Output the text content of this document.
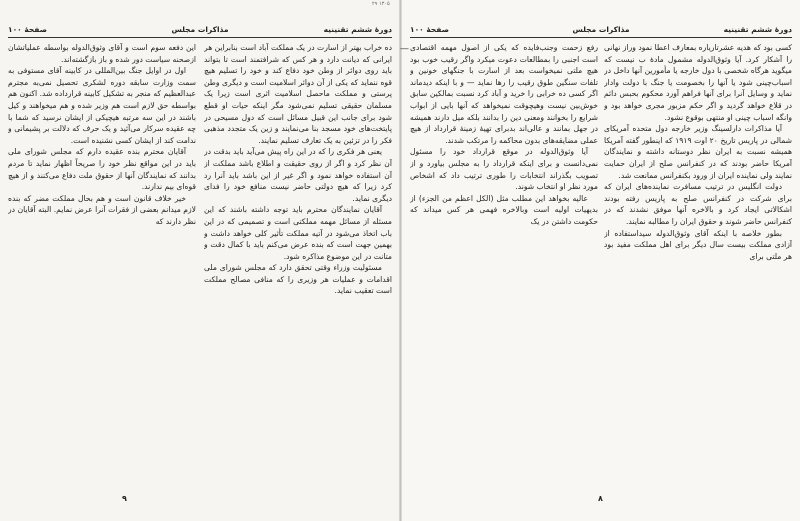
۲۹ ۱۳۰۵
دورهٔ ششم تقنینیه
مذاکرات مجلس
صفحهٔ ۱۰۰

ده خراب بهتر از اسارت در یک مملکت آباد است بنابراین هر ایرانی که دیانت دارد و هر کس که شرافتمند است تا بتواند باید روی دوائر از وطن خود دفاع کند و خود را تسلیم هیچ قوه ننماید که یکی از آن دوائر اسلامیت است و دیگری وطن پرستی و مملکت ماحصل اسلامیت اثری است زیرا یک مسلمان حقیقی تسلیم نمی‌شود مگر اینکه حیات او قطع شود برای جانب این قبیل مسائل است که دول مسیحی در پایتخت‌های خود مسجد بنا می‌نمایند و زین یک متجدد مذهبی فکر را در تزئین به یک تعارف تسلیم نمایند.

یعنی هر فکری را که در این راه پیش می‌آید باید بدقت در آن نظر کرد و اگر از روی حقیقت و اطلاع باشد مملکت از آن استفاده خواهد نمود و اگر غیر از این باشد باید آنرا رد کرد زیرا که هیچ دولتی حاضر نیست منافع خود را فدای دیگری نماید.

آقایان نمایندگان محترم باید توجه داشته باشند که این مسئله از مسائل مهمه مملکتی است و تصمیمی که در این باب اتخاذ می‌شود در آتیه مملکت تأثیر کلی خواهد داشت و بهمین جهت است که بنده عرض می‌کنم باید با کمال دقت و متانت در این موضوع مذاکره شود.

مسئولیت وزراء وقتی تحقق دارد که مجلس شورای ملی اقدامات و عملیات هر وزیری را که منافی مصالح مملکت است تعقیب نماید.

این دفعه سوم است و آقای وثوق‌الدوله بواسطه عملیاتشان ازصحنه سیاست دور شده و باز بازگشته‌اند.

اول در اوایل جنگ بین‌المللی در کابینه آقای مستوفی به سمت وزارت سابقه دوره لشکری تحصیل نمی‌به مجترم عبدالعظیم که منجر به تشکیل کابینه قرارداده شد. اکنون هم بواسطه حق لازم است هم وزیر شده و هم میخواهند و کیل باشند در این سه مرتبه هیچیکی از ایشان نرسید که شما با چه عقیده سرکار می‌آئید و یک حرف که دلالت بر پشیمانی و ندامت کند از ایشان کسی نشنیده است.

آقایان محترم بنده عقیده دارم که مجلس شورای ملی باید در این مواقع نظر خود را صریحاً اظهار نماید تا مردم بدانند که نمایندگان آنها از حقوق ملت دفاع می‌کنند و از هیچ قوه‌ای بیم ندارند.

خیر خلاف قانون است و هم بحال مملکت مضر که بنده لازم میدانم بعضی از فقرات آنرا عرض نمایم. البته آقایان در نظر دارند که

۹
—
دورهٔ ششم تقنینیه
مذاکرات مجلس
صفحهٔ ۱۰۰

کسی بود که هدیه عشرتاریاره بمعارف اعطا نمود وراز نهانی را آشکار کرد. آیا وثوق‌الدوله مشمول مادهٔ ب نیست که میگوید هرگاه شخصی با دول خارجه یا مأمورین آنها داخل در اسباب‌چینی شود یا آنها را بخصومت یا جنگ با دولت وادار نماید و وسایل آنرا برای آنها فراهم آورد محکوم بحبس دائم در قلاع خواهد گردید و اگر حکم مزبور مجری خواهد بود و وانگه اسباب چینی او منتهی بوقوع نشود.

آیا مذاکرات دارلسینگ وزیر خارجه دول متحده آمریکای شمالی در پاریس تاریخ ۲۰ اوت ۱۹۱۹ که اینطور گفته آمریکا همیشه نسبت به ایران نظر دوستانه داشته و نمایندگان آمریکا حاضر بودند که در کنفرانس صلح از ایران حمایت نمایند ولی نماینده ایران از ورود بکنفرانس ممانعت شد.

دولت انگلیس در ترتیب مسافرت نماینده‌های ایران که برای شرکت در کنفرانس صلح به پاریس رفته بودند اشکالاتی ایجاد کرد و بالاخره آنها موفق نشدند که در کنفرانس حاضر شوند و حقوق ایران را مطالبه نمایند.

بطور خلاصه با اینکه آقای وثوق‌الدوله سیداستفاده از آزادی مملکت بیست سال دیگر برای اهل مملکت مفید بود هر ملتی برای

رفع زحمت وجنب‌فایده که یکی از اصول مهمه اقتصادی است اجنبی را بمطالعات دعوت میکرد واگر رقیب خوب بود هیچ ملتی نمیخواست بعد از اسارت با جنگهای خونین و تلفات سنگین طوق رقیب را رها نماید — و با اینکه دیدماند اگر کسی ده خرابی را خرید و آباد کرد نسبت بمالکین سابق خوش‌بین نیست وهیچوقت نمیخواهد که آنها بایی از ابواب شرایع را بخوانند ومعنی دین را بدانند بلکه میل دارند همیشه در جهل بمانند و عالی‌اند بدبرای تهیهٔ زمینهٔ قرارداد از هیچ عملی مضایقه‌های بدون محاکمه را مرتکب شدند.

آیا وثوق‌الدوله در موقع قرارداد خود را مسئول نمی‌دانست و برای اینکه قرارداد را به مجلس بیاورد و از تصویب بگذراند انتخابات را طوری ترتیب داد که اشخاص مورد نظر او انتخاب شوند.

عالیه بخواهد این مطلب مثل (الکل اعظم من الجزء) از بدیهیات اولیه است وبالاخره فهمی هر کس میداند که حکومت داشتن در یک

۸
